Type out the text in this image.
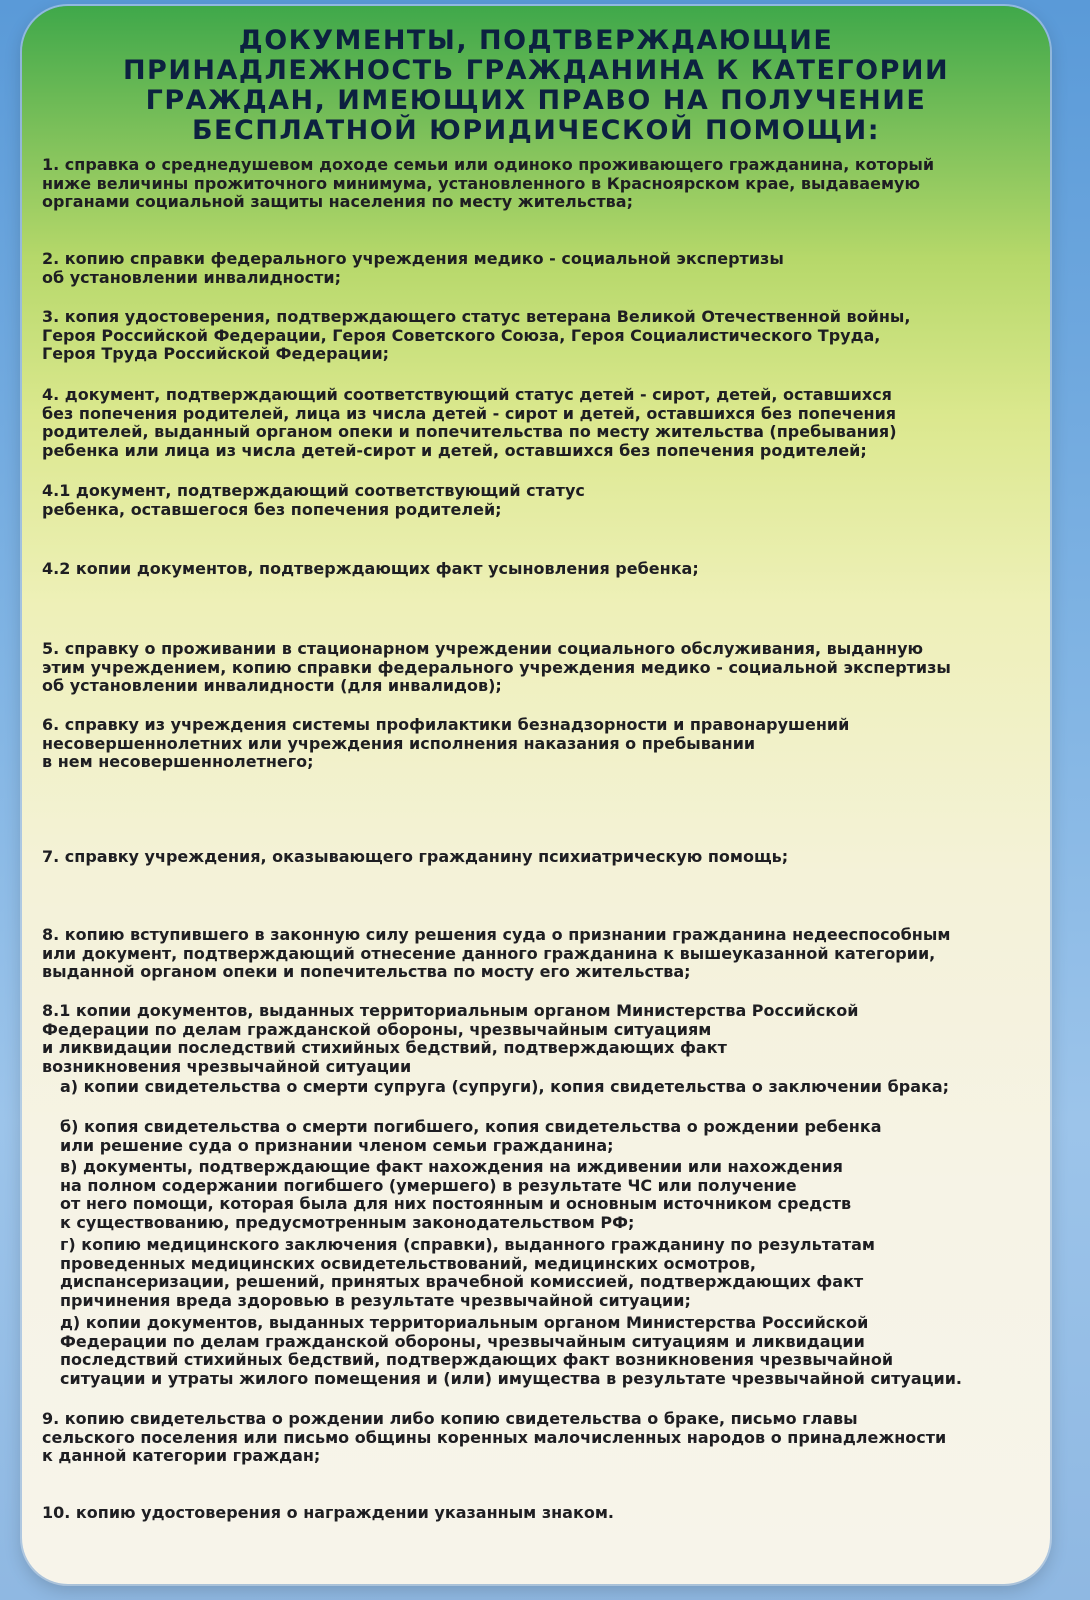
ДОКУМЕНТЫ, ПОДТВЕРЖДАЮЩИЕ
ПРИНАДЛЕЖНОСТЬ ГРАЖДАНИНА К КАТЕГОРИИ
ГРАЖДАН, ИМЕЮЩИХ ПРАВО НА ПОЛУЧЕНИЕ
БЕСПЛАТНОЙ ЮРИДИЧЕСКОЙ ПОМОЩИ:
1. справка о среднедушевом доходе семьи или одиноко проживающего гражданина, который
ниже величины прожиточного минимума, установленного в Красноярском крае, выдаваемую
органами социальной защиты населения по месту жительства;
2. копию справки федерального учреждения медико - социальной экспертизы
об установлении инвалидности;
3. копия удостоверения, подтверждающего статус ветерана Великой Отечественной войны,
Героя Российской Федерации, Героя Советского Союза, Героя Социалистического Труда,
Героя Труда Российской Федерации;
4. документ, подтверждающий соответствующий статус детей - сирот, детей, оставшихся
без попечения родителей, лица из числа детей - сирот и детей, оставшихся без попечения
родителей, выданный органом опеки и попечительства по месту жительства (пребывания)
ребенка или лица из числа детей-сирот и детей, оставшихся без попечения родителей;
4.1 документ, подтверждающий соответствующий статус
ребенка, оставшегося без попечения родителей;
4.2 копии документов, подтверждающих факт усыновления ребенка;
5. справку о проживании в стационарном учреждении социального обслуживания, выданную
этим учреждением, копию справки федерального учреждения медико - социальной экспертизы
об установлении инвалидности (для инвалидов);
6. справку из учреждения системы профилактики безнадзорности и правонарушений
несовершеннолетних или учреждения исполнения наказания о пребывании
в нем несовершеннолетнего;
7. справку учреждения, оказывающего гражданину психиатрическую помощь;
8. копию вступившего в законную силу решения суда о признании гражданина недееспособным
или документ, подтверждающий отнесение данного гражданина к вышеуказанной категории,
выданной органом опеки и попечительства по мосту его жительства;
8.1 копии документов, выданных территориальным органом Министерства Российской
Федерации по делам гражданской обороны, чрезвычайным ситуациям
и ликвидации последствий стихийных бедствий, подтверждающих факт
возникновения чрезвычайной ситуации
а) копии свидетельства о смерти супруга (супруги), копия свидетельства о заключении брака;
б) копия свидетельства о смерти погибшего, копия свидетельства о рождении ребенка
или решение суда о признании членом семьи гражданина;
в) документы, подтверждающие факт нахождения на иждивении или нахождения
на полном содержании погибшего (умершего) в результате ЧС или получение
от него помощи, которая была для них постоянным и основным источником средств
к существованию, предусмотренным законодательством РФ;
г) копию медицинского заключения (справки), выданного гражданину по результатам
проведенных медицинских освидетельствований, медицинских осмотров,
диспансеризации, решений, принятых врачебной комиссией, подтверждающих факт
причинения вреда здоровью в результате чрезвычайной ситуации;
д) копии документов, выданных территориальным органом Министерства Российской
Федерации по делам гражданской обороны, чрезвычайным ситуациям и ликвидации
последствий стихийных бедствий, подтверждающих факт возникновения чрезвычайной
ситуации и утраты жилого помещения и (или) имущества в результате чрезвычайной ситуации.
9. копию свидетельства о рождении либо копию свидетельства о браке, письмо главы
сельского поселения или письмо общины коренных малочисленных народов о принадлежности
к данной категории граждан;
10. копию удостоверения о награждении указанным знаком.
